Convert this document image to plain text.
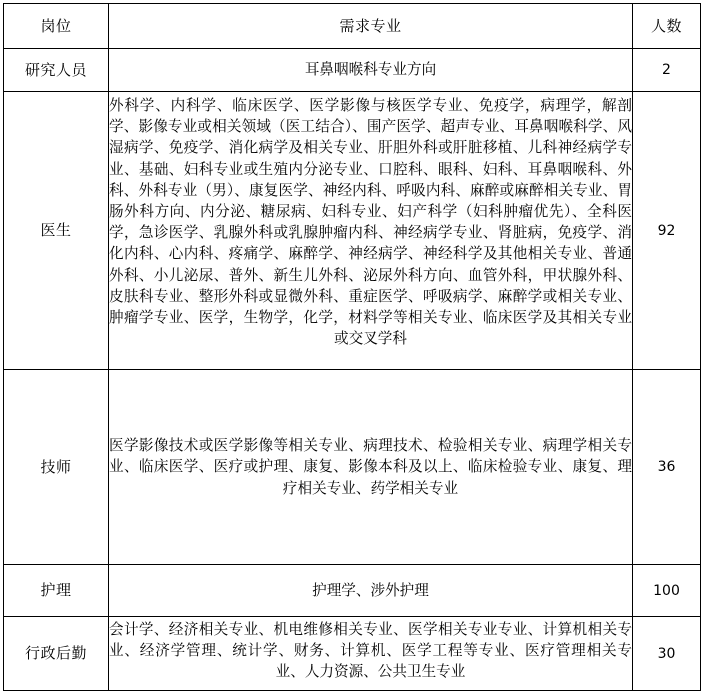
岗位	需求专业	人数
研究人员	耳鼻咽喉科专业方向	2
医生	外科学、内科学、临床医学、医学影像与核医学专业、免疫学，病理学，解剖学、影像专业或相关领域（医工结合）、围产医学、超声专业、耳鼻咽喉科学、风湿病学、免疫学、消化病学及相关专业、肝胆外科或肝脏移植、儿科神经病学专业、基础、妇科专业或生殖内分泌专业、口腔科、眼科、妇科、耳鼻咽喉科、外科、外科专业（男）、康复医学、神经内科、呼吸内科、麻醉或麻醉相关专业、胃肠外科方向、内分泌、糖尿病、妇科专业、妇产科学（妇科肿瘤优先）、全科医学，急诊医学、乳腺外科或乳腺肿瘤内科、神经病学专业、肾脏病，免疫学、消化内科、心内科、疼痛学、麻醉学、神经病学、神经科学及其他相关专业、普通外科、小儿泌尿、普外、新生儿外科、泌尿外科方向、血管外科，甲状腺外科、皮肤科专业、整形外科或显微外科、重症医学、呼吸病学、麻醉学或相关专业、肿瘤学专业、医学，生物学，化学，材料学等相关专业、临床医学及其相关专业或交叉学科	92
技师	医学影像技术或医学影像等相关专业、病理技术、检验相关专业、病理学相关专业、临床医学、医疗或护理、康复、影像本科及以上、临床检验专业、康复、理疗相关专业、药学相关专业	36
护理	护理学、涉外护理	100
行政后勤	会计学、经济相关专业、机电维修相关专业、医学相关专业专业、计算机相关专业、经济学管理、统计学、财务、计算机、医学工程等专业、医疗管理相关专业、人力资源、公共卫生专业	30
